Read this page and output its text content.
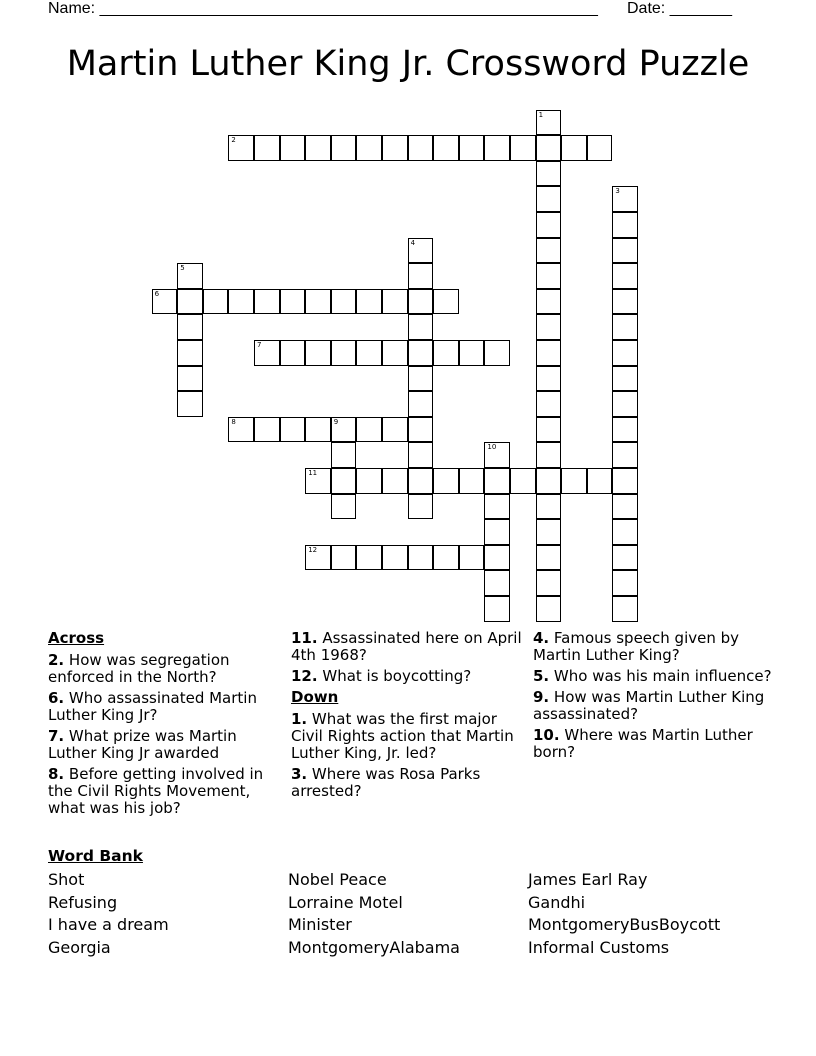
Name: ________________________________________________________ Date: _______
Martin Luther King Jr. Crossword Puzzle
1
2
3
4
5
6
7
8	9
10
11
12
Across
2. How was segregation enforced in the North?
6. Who assassinated Martin Luther King Jr?
7. What prize was Martin Luther King Jr awarded
8. Before getting involved in the Civil Rights Movement, what was his job?
11. Assassinated here on April 4th 1968?
12. What is boycotting?
Down
1. What was the first major Civil Rights action that Martin Luther King, Jr. led?
3. Where was Rosa Parks arrested?
4. Famous speech given by Martin Luther King?
5. Who was his main influence?
9. How was Martin Luther King assassinated?
10. Where was Martin Luther born?
Word Bank
Shot
Refusing
I have a dream
Georgia
Nobel Peace
Lorraine Motel
Minister
MontgomeryAlabama
James Earl Ray
Gandhi
MontgomeryBusBoycott
Informal Customs
